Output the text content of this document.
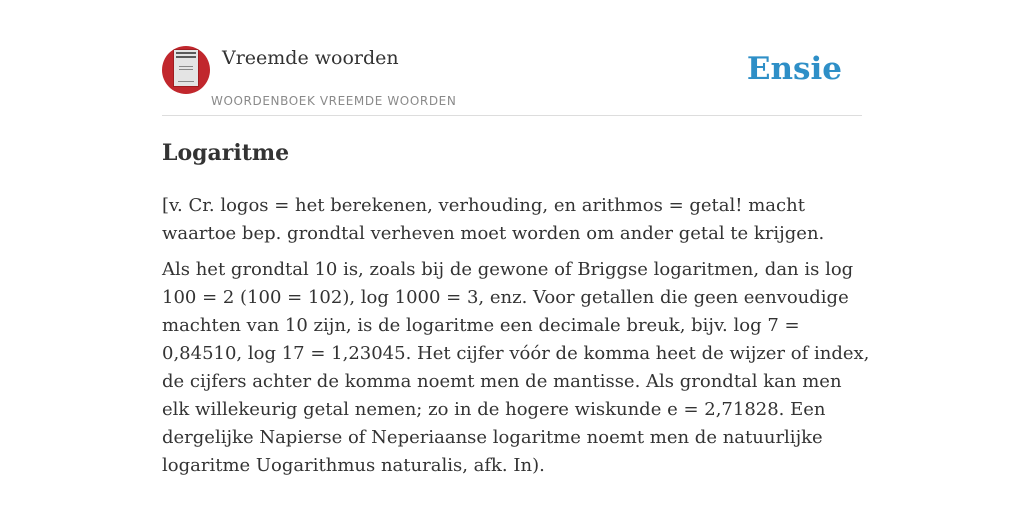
Vreemde woorden
WOORDENBOEK VREEMDE WOORDEN
Ensie
Logaritme

[v. Cr. logos = het berekenen, verhouding, en arithmos = getal! macht waartoe bep. grondtal verheven moet worden om ander getal te krijgen.

Als het grondtal 10 is, zoals bij de gewone of Briggse logaritmen, dan is log 100 = 2 (100 = 102), log 1000 = 3, enz. Voor getallen die geen eenvoudige machten van 10 zijn, is de logaritme een decimale breuk, bijv. log 7 = 0,84510, log 17 = 1,23045. Het cijfer vóór de komma heet de wijzer of index, de cijfers achter de komma noemt men de mantisse. Als grondtal kan men elk willekeurig getal nemen; zo in de hogere wiskunde e = 2,71828. Een dergelijke Napierse of Neperiaanse logaritme noemt men de natuurlijke logaritme Uogarithmus naturalis, afk. In).
